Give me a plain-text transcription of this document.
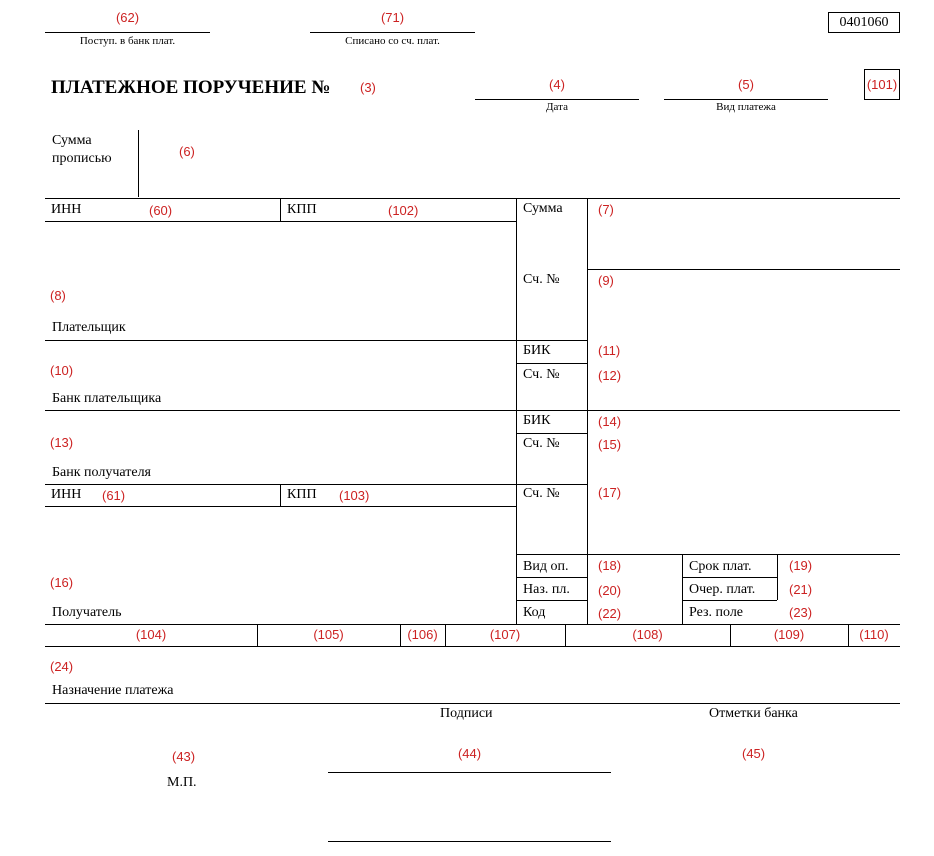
(62)
Поступ. в банк плат.
(71)
Списано со сч. плат.
0401060
ПЛАТЕЖНОЕ ПОРУЧЕНИЕ № (3)	(4)
Дата
(5)
Вид платежа
(101)
Сумма
прописью	(6)
ИНН	(60)	КПП	(102)
(8)
Плательщик
(10)
Банк плательщика
(13)
Банк получателя
ИНН (61)	КПП (103)
(16)
Получатель
Сумма	(7)
Сч. №	(9)
БИК	(11)
Сч. №	(12)
БИК	(14)
Сч. №	(15)
Сч. №	(17)
Вид оп. (18)	Срок плат.	(19)
Наз. пл. (20)	Очер. плат.	(21)
Код	(22)	Рез. поле	(23)
(104)	(105)	(106)	(107)	(108)	(109)	(110)
(24)
Назначение платежа
Подписи	Отметки банка
(43)
М.П.
(44)	(45)
